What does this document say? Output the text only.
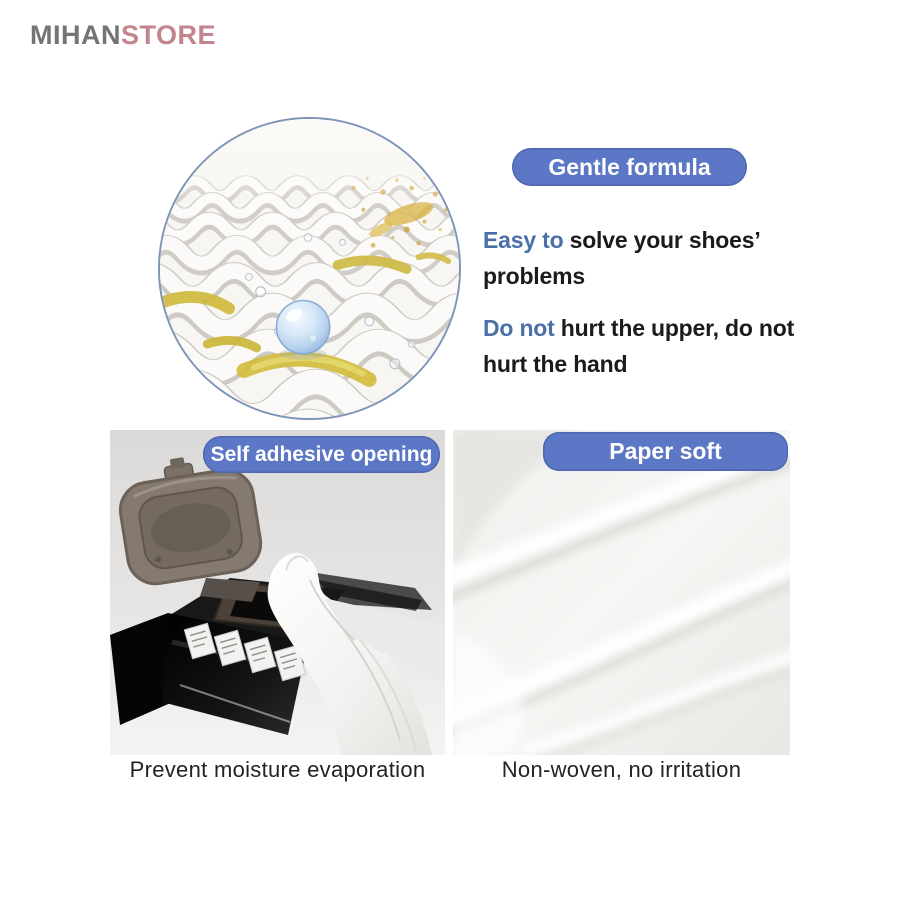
MIHANSTORE
Gentle formula
Easy to solve your shoes’ problems
Do not hurt the upper, do not hurt the hand
Self adhesive opening	Paper soft
Prevent moisture evaporation	Non-woven, no irritation
